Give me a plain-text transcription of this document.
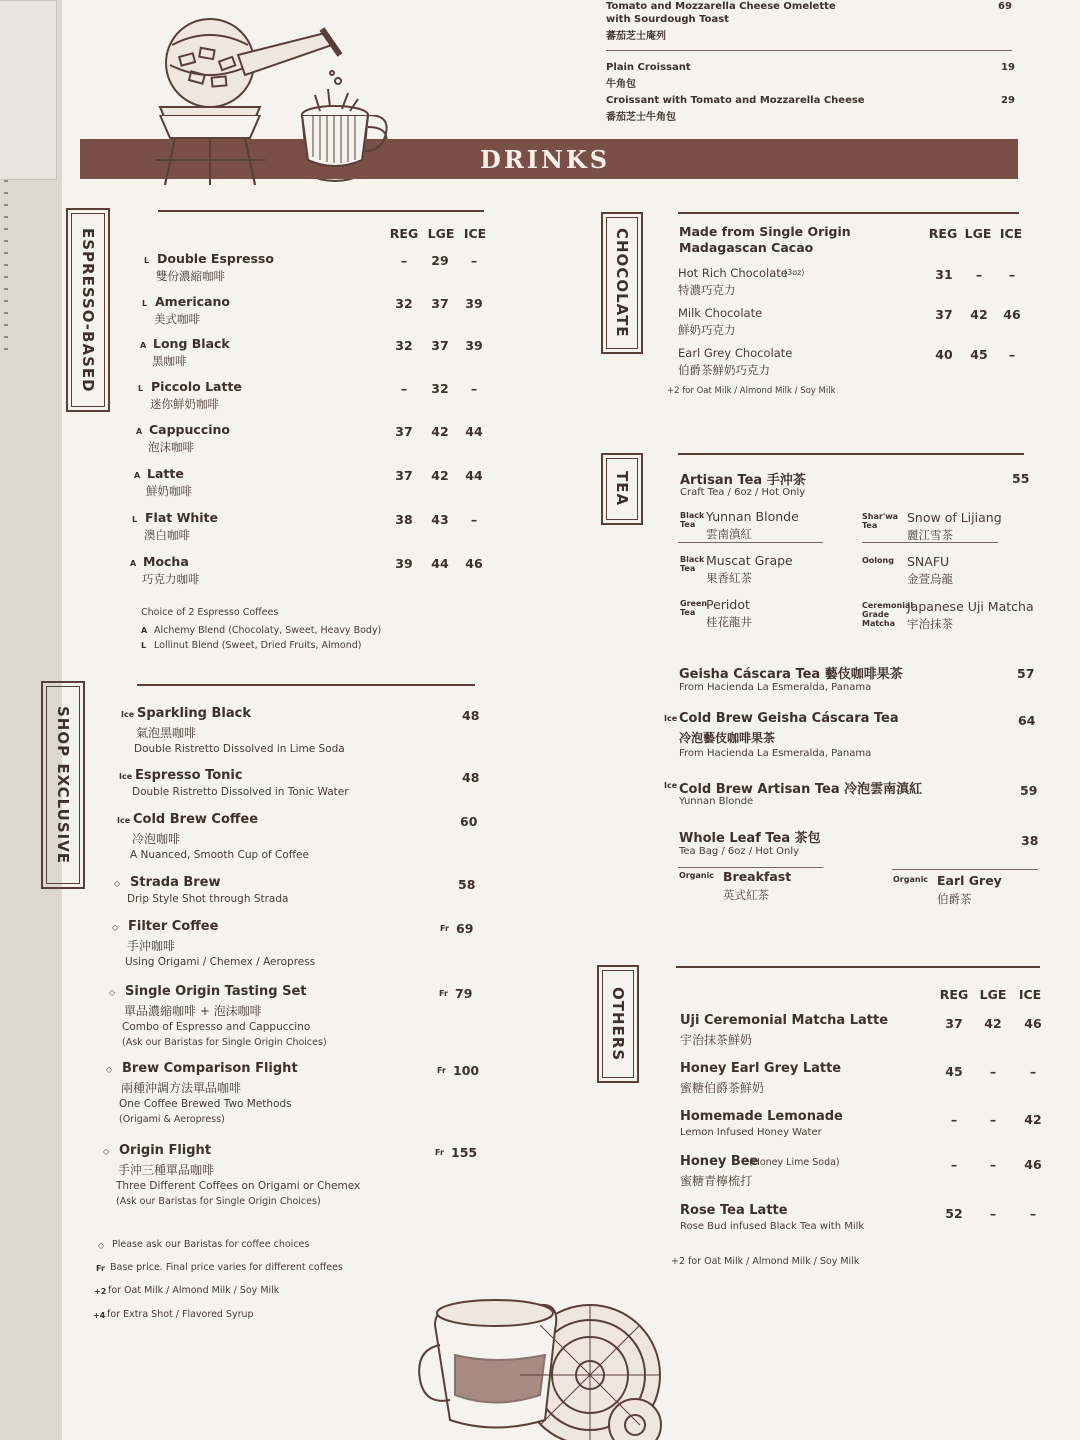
Tomato and Mozzarella Cheese Omelette
with Sourdough Toast
蕃茄芝士庵列
69
Plain Croissant
牛角包
19
Croissant with Tomato and Mozzarella Cheese
番茄芝士牛角包
29
DRINKS
ESPRESSO-BASED	REG LGE ICE
L Double Espresso
雙份濃縮咖啡
–	29	–
L Americano
美式咖啡
32	37	39
A Long Black
黑咖啡
32	37	39
L Piccolo Latte
迷你鮮奶咖啡
–	32	–
A Cappuccino
泡沫咖啡
37	42	44
A Latte
鮮奶咖啡
37	42	44
L Flat White
澳白咖啡
38	43	–
A Mocha
巧克力咖啡
39	44	46
Choice of 2 Espresso Coffees
A Alchemy Blend (Chocolaty, Sweet, Heavy Body)
L Lollinut Blend (Sweet, Dried Fruits, Almond)
SHOP EXCLUSIVE	Ice Sparkling Black
氣泡黑咖啡
Double Ristretto Dissolved in Lime Soda
48
Ice Espresso Tonic
Double Ristretto Dissolved in Tonic Water
48
Ice Cold Brew Coffee
冷泡咖啡
A Nuanced, Smooth Cup of Coffee
60
◇ Strada Brew
Drip Style Shot through Strada
58
◇ Filter Coffee
手沖咖啡
Using Origami / Chemex / Aeropress
Fr 69
◇ Single Origin Tasting Set
單品濃縮咖啡 + 泡沫咖啡
Combo of Espresso and Cappuccino
(Ask our Baristas for Single Origin Choices)
Fr 79
◇ Brew Comparison Flight
兩種沖調方法單品咖啡
One Coffee Brewed Two Methods
(Origami & Aeropress)
Fr 100
◇ Origin Flight
手沖三種單品咖啡
Three Different Coffees on Origami or Chemex
(Ask our Baristas for Single Origin Choices)
Fr 155
◇ Please ask our Baristas for coffee choices
Fr Base price. Final price varies for different coffees
+2 for Oat Milk / Almond Milk / Soy Milk
+4 for Extra Shot / Flavored Syrup
CHOCOLATE	Made from Single Origin
Madagascan Cacao
REG LGE ICE
Hot Rich Chocolate
(3oz)
特濃巧克力
31	–	–
Milk Chocolate
鮮奶巧克力
37	42	46
Earl Grey Chocolate
伯爵茶鮮奶巧克力
40	45	–
+2 for Oat Milk / Almond Milk / Soy Milk
TEA	Artisan Tea 手沖茶
Craft Tea / 6oz / Hot Only
55
Black
Tea
Yunnan Blonde
雲南滇紅
Shar'wa
Tea
Snow of Lijiang
麗江雪茶
Black
Tea
Muscat Grape
果香紅茶
Oolong SNAFU
金萱烏龍
Green
Tea
Peridot
桂花龍井
Ceremonial
Grade
Matcha
Japanese Uji Matcha
宇治抹茶
Geisha Cáscara Tea 藝伎咖啡果茶
From Hacienda La Esmeralda, Panama
57
Ice Cold Brew Geisha Cáscara Tea
冷泡藝伎咖啡果茶
From Hacienda La Esmeralda, Panama
64
Ice Cold Brew Artisan Tea 冷泡雲南滇紅
Yunnan Blonde
59
Whole Leaf Tea 茶包
Tea Bag / 6oz / Hot Only
38
Organic Breakfast
英式紅茶
Organic Earl Grey
伯爵茶
OTHERS	REG LGE ICE
Uji Ceremonial Matcha Latte
宇治抹茶鮮奶
37	42	46
Honey Earl Grey Latte
蜜糖伯爵茶鮮奶
45	–	–
Homemade Lemonade
Lemon Infused Honey Water
–	–	42
Honey Bee
(Honey Lime Soda)
蜜糖青檸梳打
–	–	46
Rose Tea Latte
Rose Bud infused Black Tea with Milk
52	–	–
+2 for Oat Milk / Almond Milk / Soy Milk
